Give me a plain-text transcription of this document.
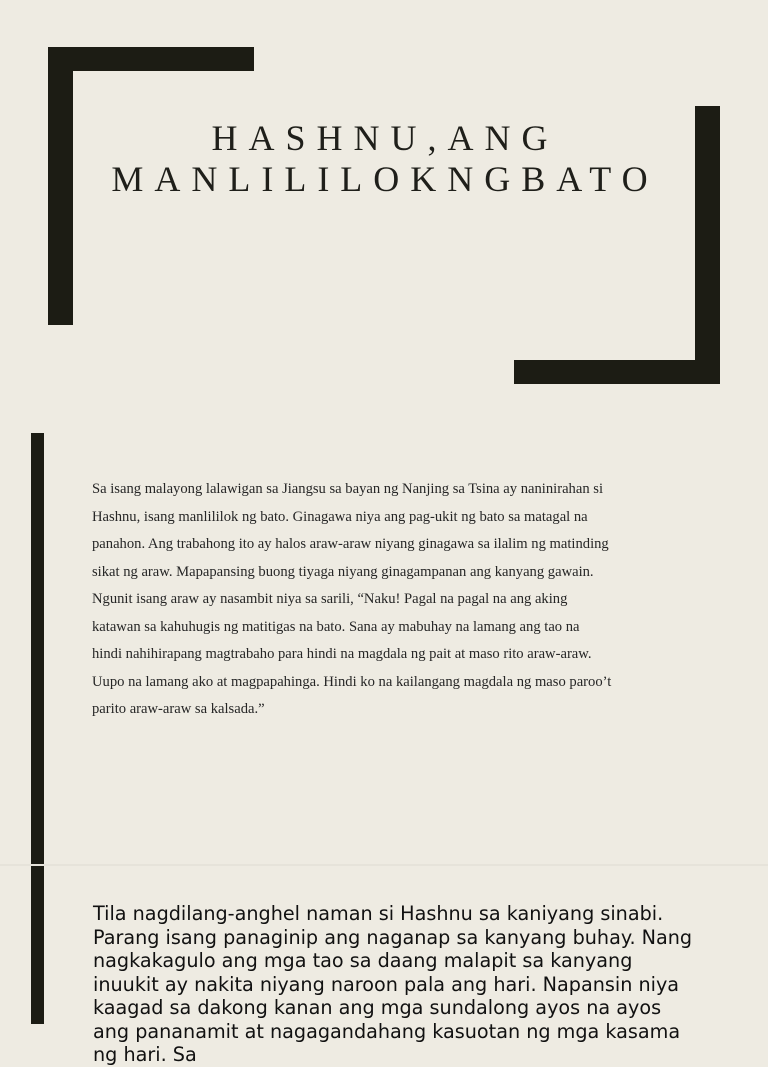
HASHNU,ANG MANLILILOKNGBATO

Sa isang malayong lalawigan sa Jiangsu sa bayan ng Nanjing sa Tsina ay naninirahan si Hashnu, isang manlililok ng bato. Ginagawa niya ang pag-ukit ng bato sa matagal na panahon. Ang trabahong ito ay halos araw-araw niyang ginagawa sa ilalim ng matinding sikat ng araw. Mapapansing buong tiyaga niyang ginagampanan ang kanyang gawain. Ngunit isang araw ay nasambit niya sa sarili, “Naku! Pagal na pagal na ang aking katawan sa kahuhugis ng matitigas na bato. Sana ay mabuhay na lamang ang tao na hindi nahihirapang magtrabaho para hindi na magdala ng pait at maso rito araw-araw. Uupo na lamang ako at magpapahinga. Hindi ko na kailangang magdala ng maso paroo’t parito araw-araw sa kalsada.”

Tila nagdilang-anghel naman si Hashnu sa kaniyang sinabi. Parang isang panaginip ang naganap sa kanyang buhay. Nang nagkakagulo ang mga tao sa daang malapit sa kanyang inuukit ay nakita niyang naroon pala ang hari. Napansin niya kaagad sa dakong kanan ang mga sundalong ayos na ayos ang pananamit at nagagandahang kasuotan ng mga kasama ng hari. Sa
